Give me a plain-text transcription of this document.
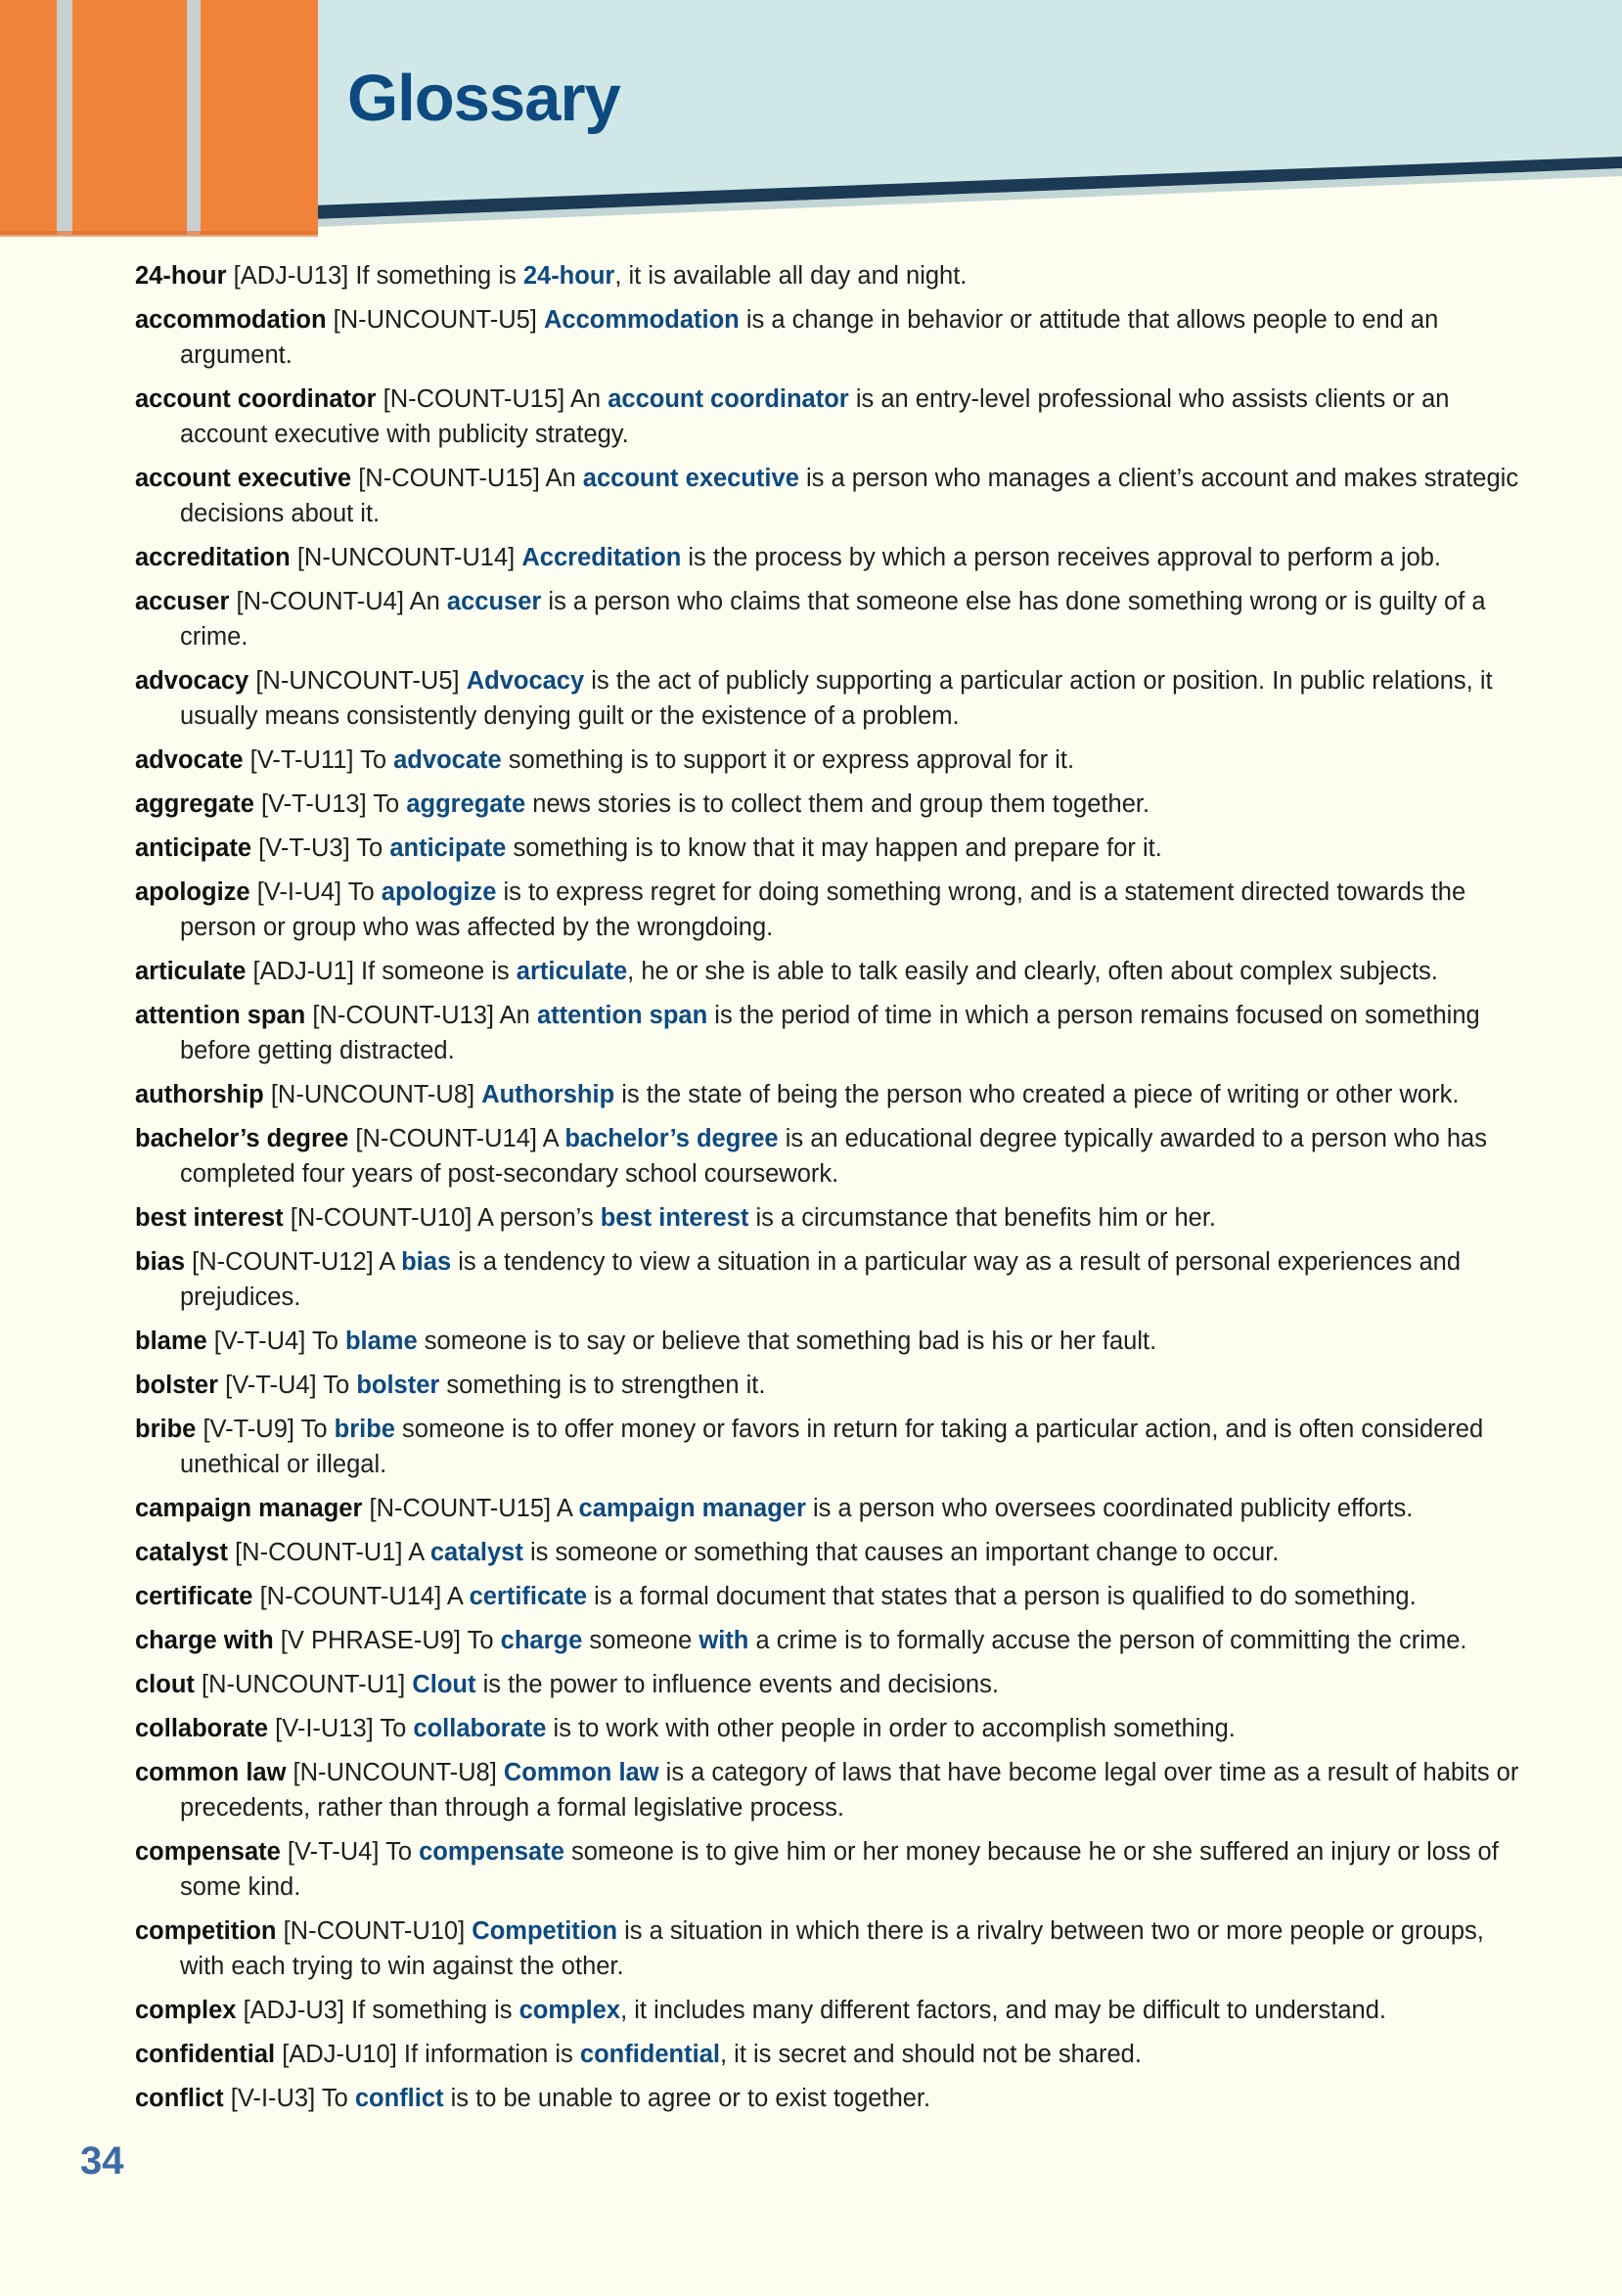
Glossary

24-hour [ADJ-U13] If something is 24-hour, it is available all day and night.

accommodation [N-UNCOUNT-U5] Accommodation is a change in behavior or attitude that allows people to end an argument.

account coordinator [N-COUNT-U15] An account coordinator is an entry-level professional who assists clients or an account executive with publicity strategy.

account executive [N-COUNT-U15] An account executive is a person who manages a client’s account and makes strategic decisions about it.

accreditation [N-UNCOUNT-U14] Accreditation is the process by which a person receives approval to perform a job.

accuser [N-COUNT-U4] An accuser is a person who claims that someone else has done something wrong or is guilty of a crime.

advocacy [N-UNCOUNT-U5] Advocacy is the act of publicly supporting a particular action or position. In public relations, it usually means consistently denying guilt or the existence of a problem.

advocate [V-T-U11] To advocate something is to support it or express approval for it.

aggregate [V-T-U13] To aggregate news stories is to collect them and group them together.

anticipate [V-T-U3] To anticipate something is to know that it may happen and prepare for it.

apologize [V-I-U4] To apologize is to express regret for doing something wrong, and is a statement directed towards the person or group who was affected by the wrongdoing.

articulate [ADJ-U1] If someone is articulate, he or she is able to talk easily and clearly, often about complex subjects.

attention span [N-COUNT-U13] An attention span is the period of time in which a person remains focused on something before getting distracted.

authorship [N-UNCOUNT-U8] Authorship is the state of being the person who created a piece of writing or other work.

bachelor’s degree [N-COUNT-U14] A bachelor’s degree is an educational degree typically awarded to a person who has completed four years of post-secondary school coursework.

best interest [N-COUNT-U10] A person’s best interest is a circumstance that benefits him or her.

bias [N-COUNT-U12] A bias is a tendency to view a situation in a particular way as a result of personal experiences and prejudices.

blame [V-T-U4] To blame someone is to say or believe that something bad is his or her fault.

bolster [V-T-U4] To bolster something is to strengthen it.

bribe [V-T-U9] To bribe someone is to offer money or favors in return for taking a particular action, and is often considered unethical or illegal.

campaign manager [N-COUNT-U15] A campaign manager is a person who oversees coordinated publicity efforts.

catalyst [N-COUNT-U1] A catalyst is someone or something that causes an important change to occur.

certificate [N-COUNT-U14] A certificate is a formal document that states that a person is qualified to do something.

charge with [V PHRASE-U9] To charge someone with a crime is to formally accuse the person of committing the crime.

clout [N-UNCOUNT-U1] Clout is the power to influence events and decisions.

collaborate [V-I-U13] To collaborate is to work with other people in order to accomplish something.

common law [N-UNCOUNT-U8] Common law is a category of laws that have become legal over time as a result of habits or precedents, rather than through a formal legislative process.

compensate [V-T-U4] To compensate someone is to give him or her money because he or she suffered an injury or loss of some kind.

competition [N-COUNT-U10] Competition is a situation in which there is a rivalry between two or more people or groups, with each trying to win against the other.

complex [ADJ-U3] If something is complex, it includes many different factors, and may be difficult to understand.

confidential [ADJ-U10] If information is confidential, it is secret and should not be shared.

conflict [V-I-U3] To conflict is to be unable to agree or to exist together.

34
